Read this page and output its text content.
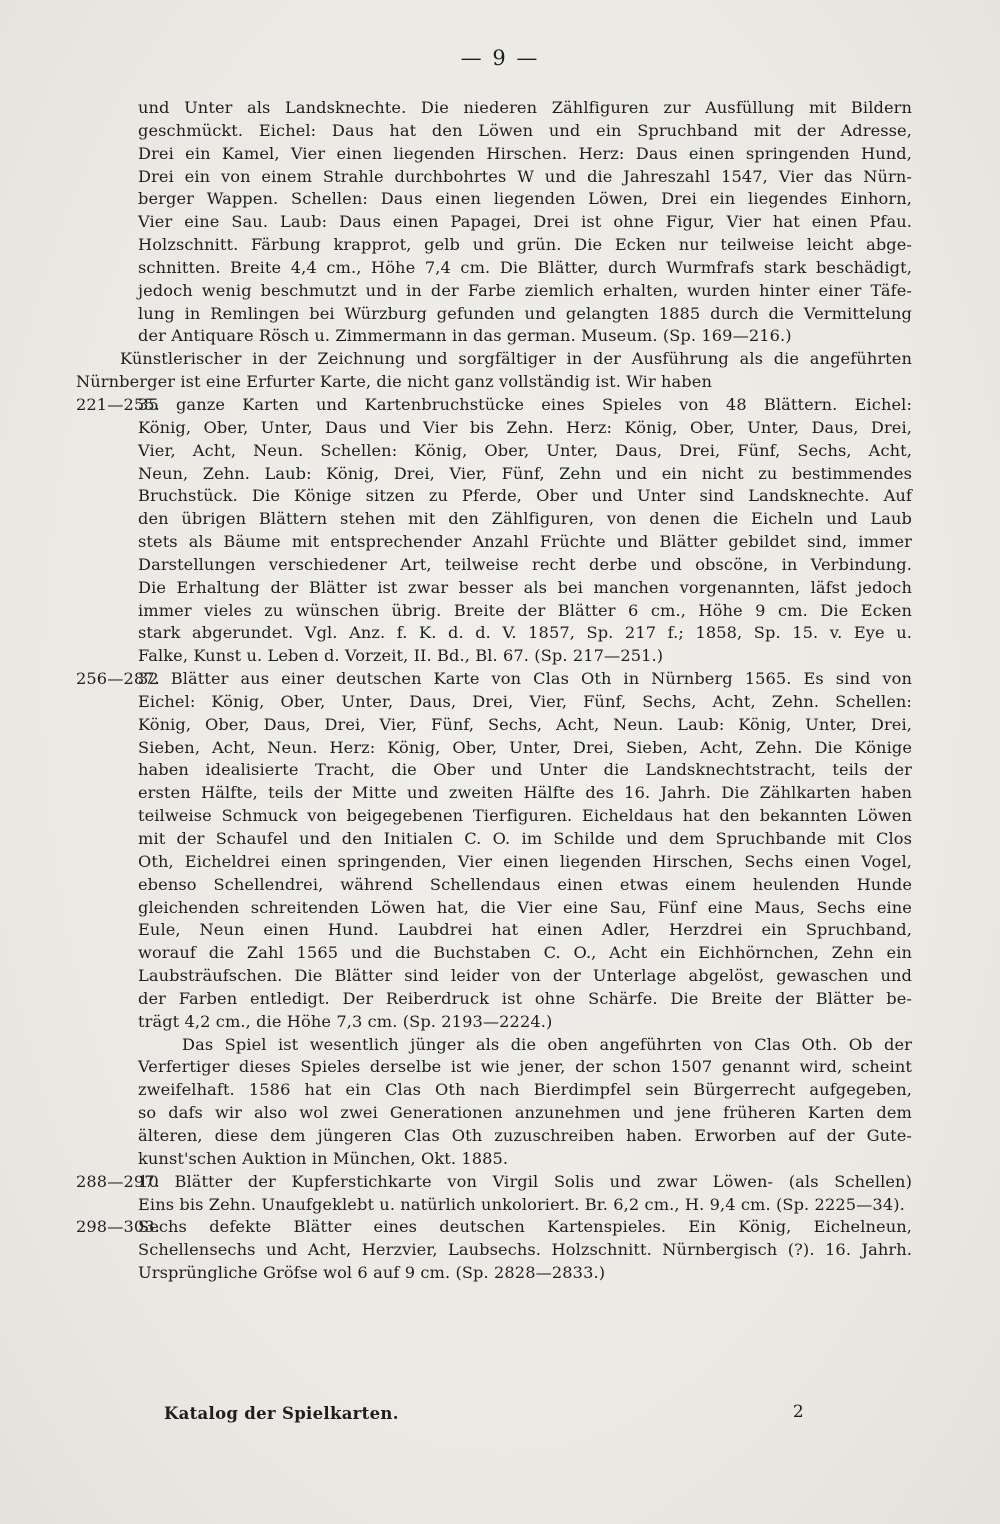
— 9 —
und Unter als Landsknechte. Die niederen Zählfiguren zur Ausfüllung mit Bildern
geschmückt. Eichel: Daus hat den Löwen und ein Spruchband mit der Adresse,
Drei ein Kamel, Vier einen liegenden Hirschen. Herz: Daus einen springenden Hund,
Drei ein von einem Strahle durchbohrtes W und die Jahreszahl 1547, Vier das Nürn-
berger Wappen. Schellen: Daus einen liegenden Löwen, Drei ein liegendes Einhorn,
Vier eine Sau. Laub: Daus einen Papagei, Drei ist ohne Figur, Vier hat einen Pfau.
Holzschnitt. Färbung krapprot, gelb und grün. Die Ecken nur teilweise leicht abge-
schnitten. Breite 4,4 cm., Höhe 7,4 cm. Die Blätter, durch Wurmfrafs stark beschädigt,
jedoch wenig beschmutzt und in der Farbe ziemlich erhalten, wurden hinter einer Täfe-
lung in Remlingen bei Würzburg gefunden und gelangten 1885 durch die Vermittelung
der Antiquare Rösch u. Zimmermann in das german. Museum. (Sp. 169—216.)
Künstlerischer in der Zeichnung und sorgfältiger in der Ausführung als die angeführten
Nürnberger ist eine Erfurter Karte, die nicht ganz vollständig ist. Wir haben
221—255.
35 ganze Karten und Kartenbruchstücke eines Spieles von 48 Blättern. Eichel:
König, Ober, Unter, Daus und Vier bis Zehn. Herz: König, Ober, Unter, Daus, Drei,
Vier, Acht, Neun. Schellen: König, Ober, Unter, Daus, Drei, Fünf, Sechs, Acht,
Neun, Zehn. Laub: König, Drei, Vier, Fünf, Zehn und ein nicht zu bestimmendes
Bruchstück. Die Könige sitzen zu Pferde, Ober und Unter sind Landsknechte. Auf
den übrigen Blättern stehen mit den Zählfiguren, von denen die Eicheln und Laub
stets als Bäume mit entsprechender Anzahl Früchte und Blätter gebildet sind, immer
Darstellungen verschiedener Art, teilweise recht derbe und obscöne, in Verbindung.
Die Erhaltung der Blätter ist zwar besser als bei manchen vorgenannten, läfst jedoch
immer vieles zu wünschen übrig. Breite der Blätter 6 cm., Höhe 9 cm. Die Ecken
stark abgerundet. Vgl. Anz. f. K. d. d. V. 1857, Sp. 217 f.; 1858, Sp. 15. v. Eye u.
Falke, Kunst u. Leben d. Vorzeit, II. Bd., Bl. 67. (Sp. 217—251.)
256—287.
32 Blätter aus einer deutschen Karte von Clas Oth in Nürnberg 1565. Es sind von
Eichel: König, Ober, Unter, Daus, Drei, Vier, Fünf, Sechs, Acht, Zehn. Schellen:
König, Ober, Daus, Drei, Vier, Fünf, Sechs, Acht, Neun. Laub: König, Unter, Drei,
Sieben, Acht, Neun. Herz: König, Ober, Unter, Drei, Sieben, Acht, Zehn. Die Könige
haben idealisierte Tracht, die Ober und Unter die Landsknechtstracht, teils der
ersten Hälfte, teils der Mitte und zweiten Hälfte des 16. Jahrh. Die Zählkarten haben
teilweise Schmuck von beigegebenen Tierfiguren. Eicheldaus hat den bekannten Löwen
mit der Schaufel und den Initialen C. O. im Schilde und dem Spruchbande mit Clos
Oth, Eicheldrei einen springenden, Vier einen liegenden Hirschen, Sechs einen Vogel,
ebenso Schellendrei, während Schellendaus einen etwas einem heulenden Hunde
gleichenden schreitenden Löwen hat, die Vier eine Sau, Fünf eine Maus, Sechs eine
Eule, Neun einen Hund. Laubdrei hat einen Adler, Herzdrei ein Spruchband,
worauf die Zahl 1565 und die Buchstaben C. O., Acht ein Eichhörnchen, Zehn ein
Laubsträufschen. Die Blätter sind leider von der Unterlage abgelöst, gewaschen und
der Farben entledigt. Der Reiberdruck ist ohne Schärfe. Die Breite der Blätter be-
trägt 4,2 cm., die Höhe 7,3 cm. (Sp. 2193—2224.)
Das Spiel ist wesentlich jünger als die oben angeführten von Clas Oth. Ob der
Verfertiger dieses Spieles derselbe ist wie jener, der schon 1507 genannt wird, scheint
zweifelhaft. 1586 hat ein Clas Oth nach Bierdimpfel sein Bürgerrecht aufgegeben,
so dafs wir also wol zwei Generationen anzunehmen und jene früheren Karten dem
älteren, diese dem jüngeren Clas Oth zuzuschreiben haben. Erworben auf der Gute-
kunst'schen Auktion in München, Okt. 1885.
288—297.
10 Blätter der Kupferstichkarte von Virgil Solis und zwar Löwen- (als Schellen)
Eins bis Zehn. Unaufgeklebt u. natürlich unkoloriert. Br. 6,2 cm., H. 9,4 cm. (Sp. 2225—34).
298—303.
Sechs defekte Blätter eines deutschen Kartenspieles. Ein König, Eichelneun,
Schellensechs und Acht, Herzvier, Laubsechs. Holzschnitt. Nürnbergisch (?). 16. Jahrh.
Ursprüngliche Gröfse wol 6 auf 9 cm. (Sp. 2828—2833.)
Katalog der Spielkarten.	2
